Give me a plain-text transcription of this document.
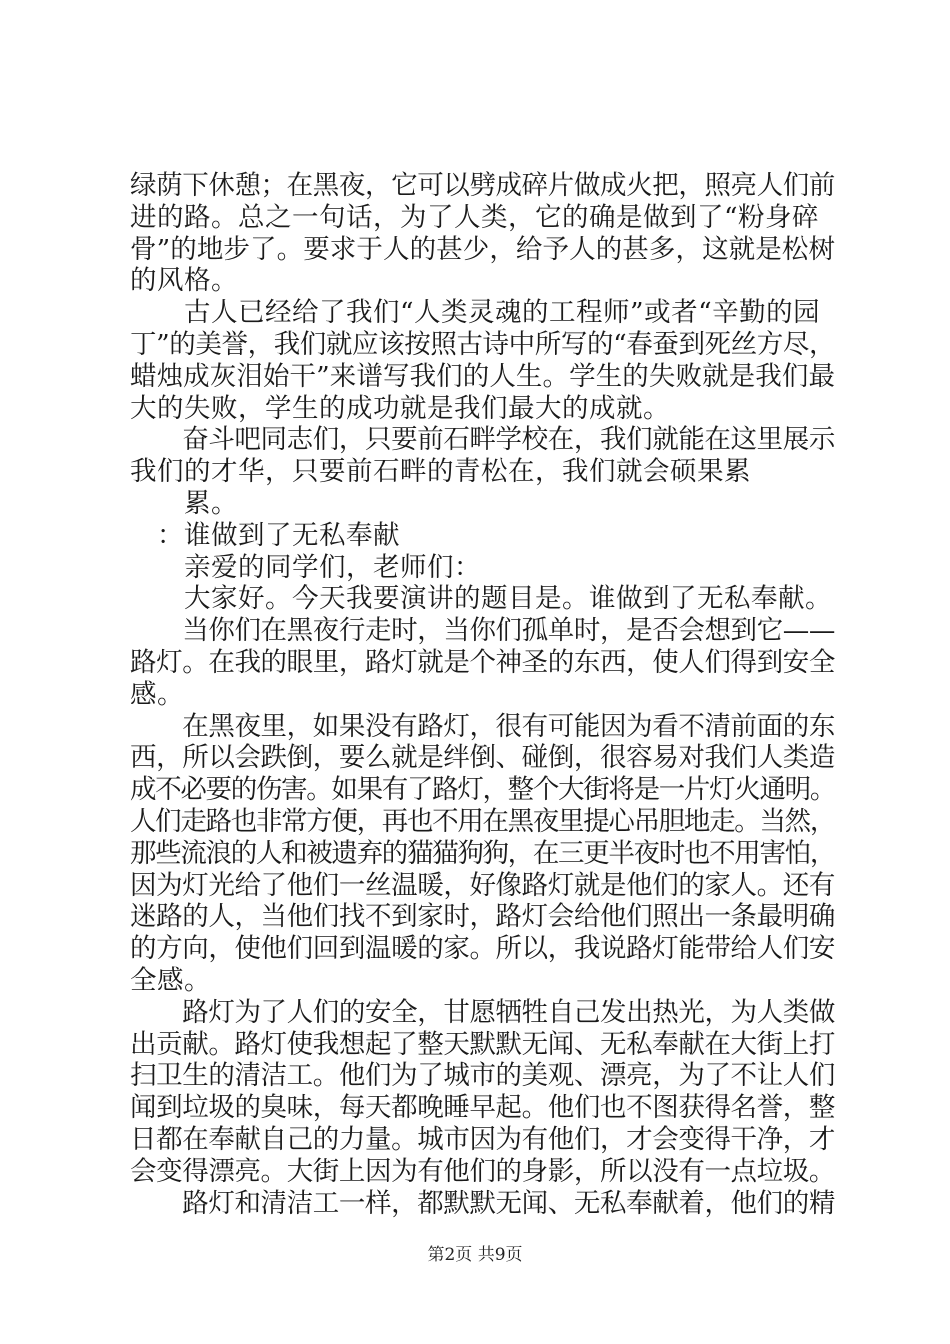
绿荫下休憩；在黑夜，它可以劈成碎片做成火把，照亮人们前
进的路。总之一句话，为了人类，它的确是做到了“粉身碎
骨”的地步了。要求于人的甚少，给予人的甚多，这就是松树
的风格。
　　古人已经给了我们“人类灵魂的工程师”或者“辛勤的园
丁”的美誉，我们就应该按照古诗中所写的“春蚕到死丝方尽，
蜡烛成灰泪始干”来谱写我们的人生。学生的失败就是我们最
大的失败，学生的成功就是我们最大的成就。
　　奋斗吧同志们，只要前石畔学校在，我们就能在这里展示
我们的才华，只要前石畔的青松在，我们就会硕果累
　　累。
　：谁做到了无私奉献
　　亲爱的同学们，老师们：
　　大家好。今天我要演讲的题目是。谁做到了无私奉献。
　　当你们在黑夜行走时，当你们孤单时，是否会想到它——
路灯。在我的眼里，路灯就是个神圣的东西，使人们得到安全
感。
　　在黑夜里，如果没有路灯，很有可能因为看不清前面的东
西，所以会跌倒，要么就是绊倒、碰倒，很容易对我们人类造
成不必要的伤害。如果有了路灯，整个大街将是一片灯火通明。
人们走路也非常方便，再也不用在黑夜里提心吊胆地走。当然，
那些流浪的人和被遗弃的猫猫狗狗，在三更半夜时也不用害怕，
因为灯光给了他们一丝温暖，好像路灯就是他们的家人。还有
迷路的人，当他们找不到家时，路灯会给他们照出一条最明确
的方向，使他们回到温暖的家。所以，我说路灯能带给人们安
全感。
　　路灯为了人们的安全，甘愿牺牲自己发出热光，为人类做
出贡献。路灯使我想起了整天默默无闻、无私奉献在大街上打
扫卫生的清洁工。他们为了城市的美观、漂亮，为了不让人们
闻到垃圾的臭味，每天都晚睡早起。他们也不图获得名誉，整
日都在奉献自己的力量。城市因为有他们，才会变得干净，才
会变得漂亮。大街上因为有他们的身影，所以没有一点垃圾。
　　路灯和清洁工一样，都默默无闻、无私奉献着，他们的精
第2页 共9页
